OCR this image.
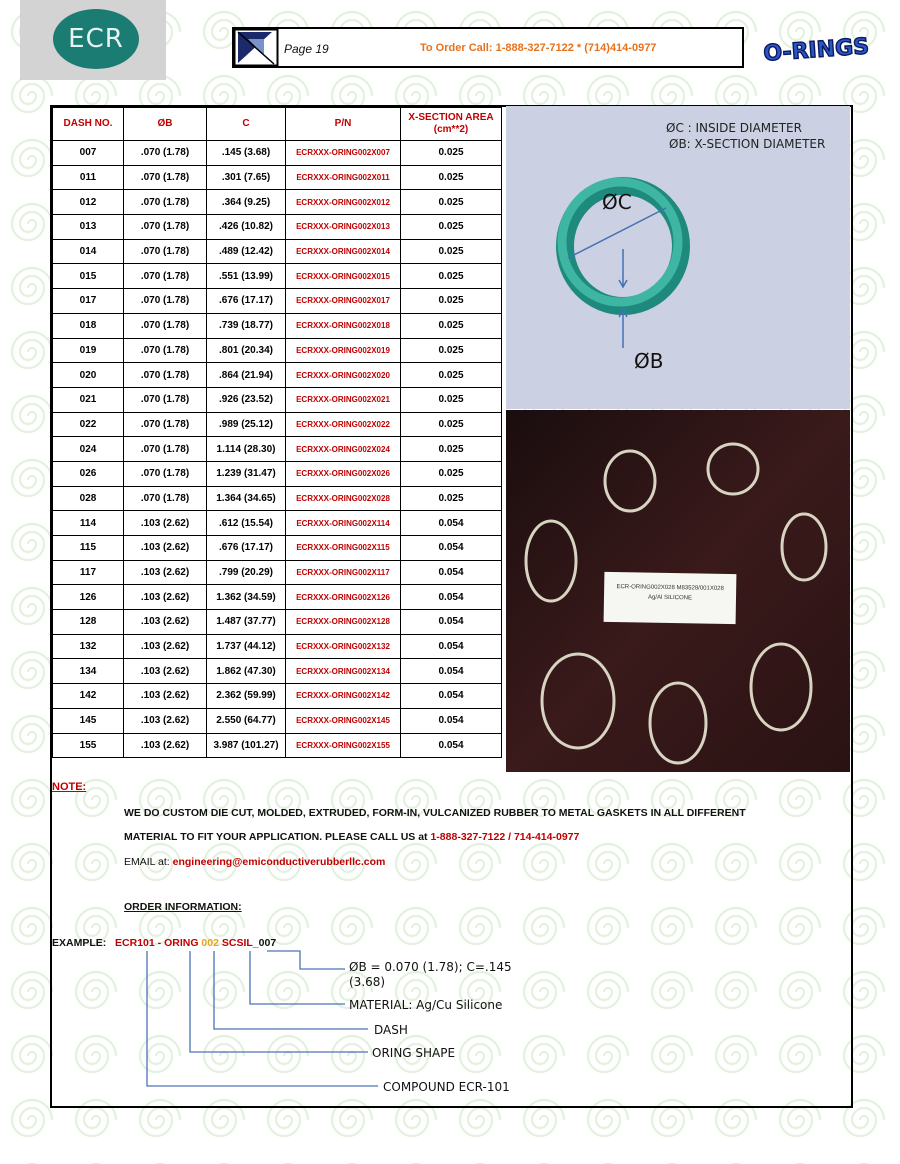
ECR	Page 19	To Order Call: 1-888-327-7122 * (714)414-0977	O-RINGS
DASH NO.	ØB	C	P/N	X-SECTION AREA (cm**2)
007	.070 (1.78)	.145 (3.68)	ECRXXX-ORING002X007	0.025
011	.070 (1.78)	.301 (7.65)	ECRXXX-ORING002X011	0.025
012	.070 (1.78)	.364 (9.25)	ECRXXX-ORING002X012	0.025
013	.070 (1.78)	.426 (10.82)	ECRXXX-ORING002X013	0.025
014	.070 (1.78)	.489 (12.42)	ECRXXX-ORING002X014	0.025
015	.070 (1.78)	.551 (13.99)	ECRXXX-ORING002X015	0.025
017	.070 (1.78)	.676 (17.17)	ECRXXX-ORING002X017	0.025
018	.070 (1.78)	.739 (18.77)	ECRXXX-ORING002X018	0.025
019	.070 (1.78)	.801 (20.34)	ECRXXX-ORING002X019	0.025
020	.070 (1.78)	.864 (21.94)	ECRXXX-ORING002X020	0.025
021	.070 (1.78)	.926 (23.52)	ECRXXX-ORING002X021	0.025
022	.070 (1.78)	.989 (25.12)	ECRXXX-ORING002X022	0.025
024	.070 (1.78)	1.114 (28.30)	ECRXXX-ORING002X024	0.025
026	.070 (1.78)	1.239 (31.47)	ECRXXX-ORING002X026	0.025
028	.070 (1.78)	1.364 (34.65)	ECRXXX-ORING002X028	0.025
114	.103 (2.62)	.612 (15.54)	ECRXXX-ORING002X114	0.054
115	.103 (2.62)	.676 (17.17)	ECRXXX-ORING002X115	0.054
117	.103 (2.62)	.799 (20.29)	ECRXXX-ORING002X117	0.054
126	.103 (2.62)	1.362 (34.59)	ECRXXX-ORING002X126	0.054
128	.103 (2.62)	1.487 (37.77)	ECRXXX-ORING002X128	0.054
132	.103 (2.62)	1.737 (44.12)	ECRXXX-ORING002X132	0.054
134	.103 (2.62)	1.862 (47.30)	ECRXXX-ORING002X134	0.054
142	.103 (2.62)	2.362 (59.99)	ECRXXX-ORING002X142	0.054
145	.103 (2.62)	2.550 (64.77)	ECRXXX-ORING002X145	0.054
155	.103 (2.62)	3.987 (101.27)	ECRXXX-ORING002X155	0.054
ØC : INSIDE DIAMETER
ØB: X-SECTION DIAMETER
ØC
ØB
ECR-ORING002X028 M83528/001X028
Ag/Al SILICONE
NOTE:
WE DO CUSTOM DIE CUT, MOLDED, EXTRUDED, FORM-IN, VULCANIZED RUBBER TO METAL GASKETS IN ALL DIFFERENT
MATERIAL TO FIT YOUR APPLICATION. PLEASE CALL US at 1-888-327-7122 / 714-414-0977
EMAIL at: engineering@emiconductiverubberllc.com
ORDER INFORMATION:
EXAMPLE: ECR101 - ORING 002 SCSIL_007
ØB = 0.070 (1.78); C=.145
(3.68)
MATERIAL: Ag/Cu Silicone
DASH
ORING SHAPE
COMPOUND ECR-101
